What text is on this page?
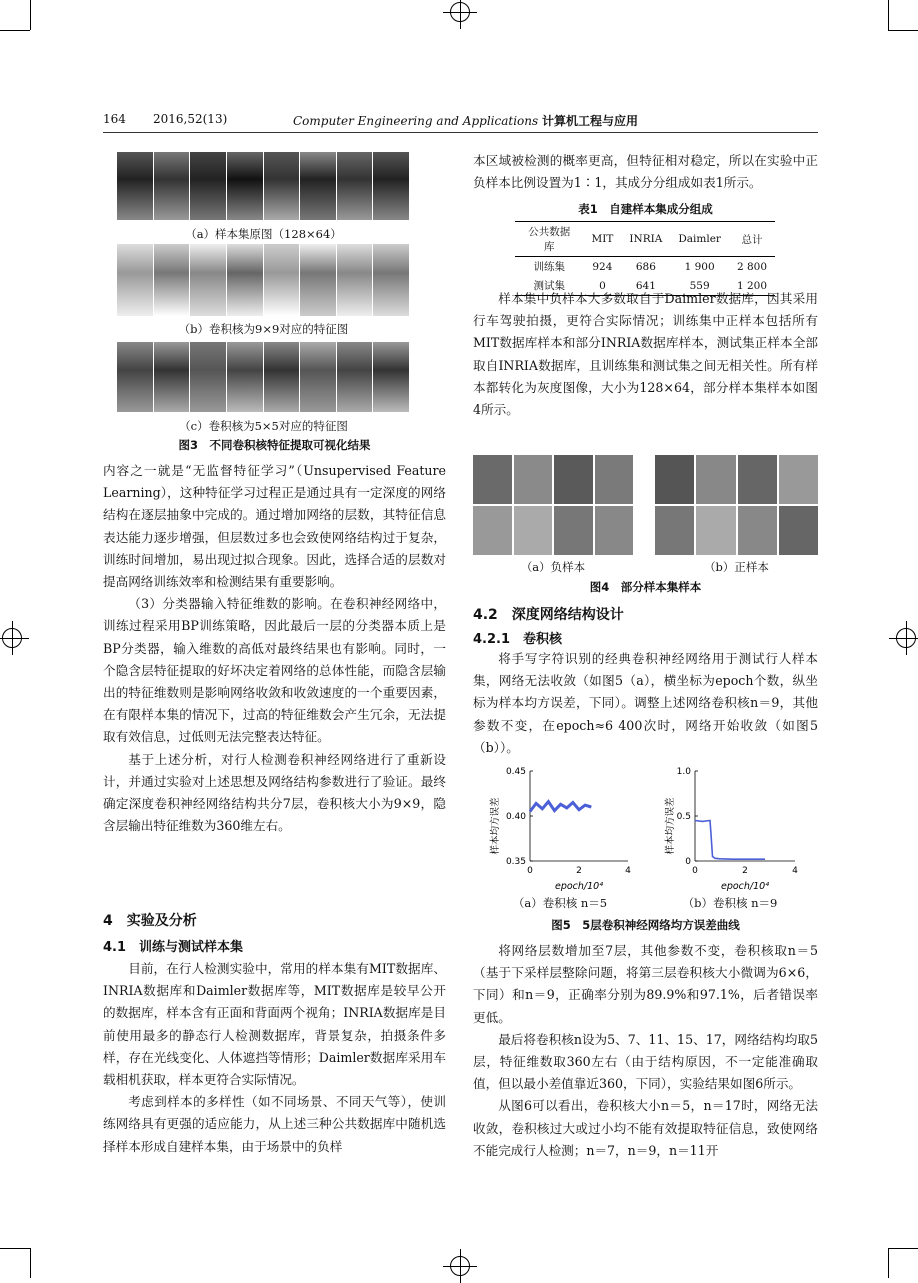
164 2016,52(13)	Computer Engineering and Applications 计算机工程与应用
（a）样本集原图（128×64）
（b）卷积核为9×9对应的特征图
（c）卷积核为5×5对应的特征图
图3　不同卷积核特征提取可视化结果

内容之一就是“无监督特征学习”（Unsupervised Feature Learning），这种特征学习过程正是通过具有一定深度的网络结构在逐层抽象中完成的。通过增加网络的层数，其特征信息表达能力逐步增强，但层数过多也会致使网络结构过于复杂，训练时间增加，易出现过拟合现象。因此，选择合适的层数对提高网络训练效率和检测结果有重要影响。

（3）分类器输入特征维数的影响。在卷积神经网络中，训练过程采用BP训练策略，因此最后一层的分类器本质上是BP分类器，输入维数的高低对最终结果也有影响。同时，一个隐含层特征提取的好坏决定着网络的总体性能，而隐含层输出的特征维数则是影响网络收敛和收敛速度的一个重要因素，在有限样本集的情况下，过高的特征维数会产生冗余，无法提取有效信息，过低则无法完整表达特征。

基于上述分析，对行人检测卷积神经网络进行了重新设计，并通过实验对上述思想及网络结构参数进行了验证。最终确定深度卷积神经网络结构共分7层，卷积核大小为9×9，隐含层输出特征维数为360维左右。

4　实验及分析
4.1　训练与测试样本集

目前，在行人检测实验中，常用的样本集有MIT数据库、INRIA数据库和Daimler数据库等，MIT数据库是较早公开的数据库，样本含有正面和背面两个视角；INRIA数据库是目前使用最多的静态行人检测数据库，背景复杂，拍摄条件多样，存在光线变化、人体遮挡等情形；Daimler数据库采用车载相机获取，样本更符合实际情况。

考虑到样本的多样性（如不同场景、不同天气等），使训练网络具有更强的适应能力，从上述三种公共数据库中随机选择样本形成自建样本集，由于场景中的负样

本区域被检测的概率更高，但特征相对稳定，所以在实验中正负样本比例设置为1∶1，其成分分组成如表1所示。

表1　自建样本集成分组成
公共数据库	MIT	INRIA	Daimler	总计
训练集	924	686	1 900	2 800
测试集	0	641	559	1 200

样本集中负样本大多数取自于Daimler数据库，因其采用行车驾驶拍摄，更符合实际情况；训练集中正样本包括所有MIT数据库样本和部分INRIA数据库样本，测试集正样本全部取自INRIA数据库，且训练集和测试集之间无相关性。所有样本都转化为灰度图像，大小为128×64，部分样本集样本如图4所示。

（a）负样本	（b）正样本
图4　部分样本集样本
4.2　深度网络结构设计
4.2.1　卷积核

将手写字符识别的经典卷积神经网络用于测试行人样本集，网络无法收敛（如图5（a），横坐标为epoch个数，纵坐标为样本均方误差，下同）。调整上述网络卷积核n＝9，其他参数不变，在epoch≈6 400次时，网络开始收敛（如图5（b））。

样本均方误差
0.35
0.40
0.45
0	2	4
epoch/10⁴
样本均方误差
0
0.5
1.0
0	2	4
epoch/10⁴
（a）卷积核 n＝5	（b）卷积核 n＝9
图5　5层卷积神经网络均方误差曲线

将网络层数增加至7层，其他参数不变，卷积核取n＝5（基于下采样层整除问题，将第三层卷积核大小微调为6×6，下同）和n＝9，正确率分别为89.9%和97.1%，后者错误率更低。

最后将卷积核n设为5、7、11、15、17，网络结构均取5层，特征维数取360左右（由于结构原因，不一定能准确取值，但以最小差值靠近360，下同），实验结果如图6所示。

从图6可以看出，卷积核大小n＝5，n＝17时，网络无法收敛，卷积核过大或过小均不能有效提取特征信息，致使网络不能完成行人检测；n＝7，n＝9，n＝11开
